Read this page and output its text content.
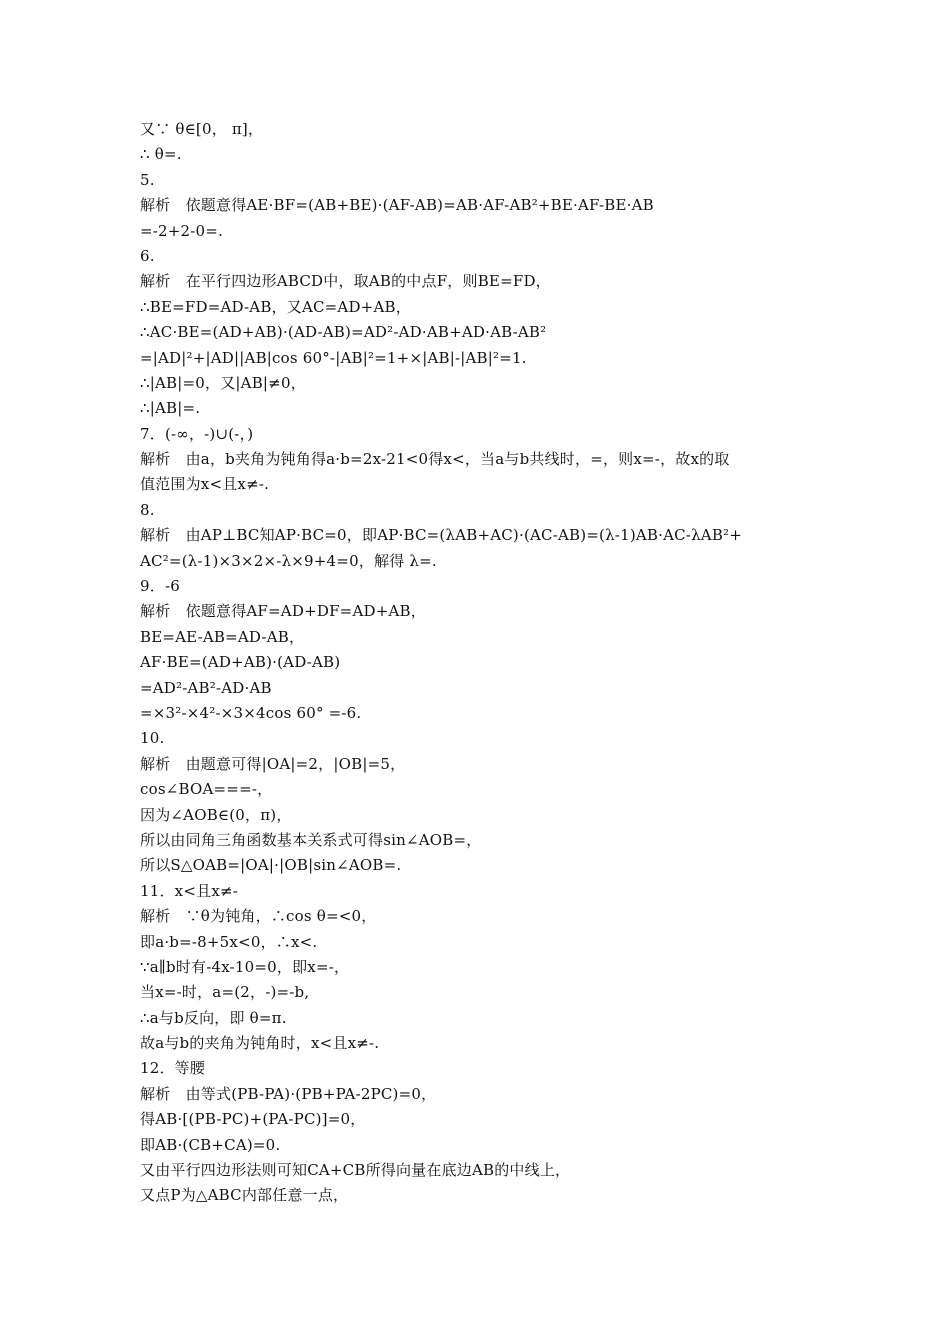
又∵ θ∈[0， π]，
∴ θ=.
5.
解析　依题意得AE·BF=(AB+BE)·(AF-AB)=AB·AF-AB²+BE·AF-BE·AB
=-2+2-0=.
6.
解析　在平行四边形ABCD中，取AB的中点F，则BE=FD，
∴BE=FD=AD-AB，又AC=AD+AB，
∴AC·BE=(AD+AB)·(AD-AB)=AD²-AD·AB+AD·AB-AB²
=|AD|²+|AD||AB|cos 60°-|AB|²=1+×|AB|-|AB|²=1.
∴|AB|=0，又|AB|≠0，
∴|AB|=.
7．(-∞，-)∪(-，)
解析　由a，b夹角为钝角得a·b=2x-21<0得x<，当a与b共线时，=，则x=-，故x的取
值范围为x<且x≠-.
8.
解析　由AP⊥BC知AP·BC=0，即AP·BC=(λAB+AC)·(AC-AB)=(λ-1)AB·AC-λAB²+
AC²=(λ-1)×3×2×-λ×9+4=0，解得 λ=.
9．-6
解析　依题意得AF=AD+DF=AD+AB，
BE=AE-AB=AD-AB，
AF·BE=(AD+AB)·(AD-AB)
=AD²-AB²-AD·AB
=×3²-×4²-×3×4cos 60° =-6.
10.
解析　由题意可得|OA|=2，|OB|=5，
cos∠BOA===-，
因为∠AOB∈(0，π)，
所以由同角三角函数基本关系式可得sin∠AOB=，
所以S△OAB=|OA|·|OB|sin∠AOB=.
11．x<且x≠-
解析　∵θ为钝角，∴cos θ=<0，
即a·b=-8+5x<0，∴x<.
∵a∥b时有-4x-10=0，即x=-，
当x=-时，a=(2，-)=-b,
∴a与b反向，即 θ=π.
故a与b的夹角为钝角时，x<且x≠-.
12．等腰
解析　由等式(PB-PA)·(PB+PA-2PC)=0，
得AB·[(PB-PC)+(PA-PC)]=0，
即AB·(CB+CA)=0.
又由平行四边形法则可知CA+CB所得向量在底边AB的中线上，
又点P为△ABC内部任意一点，
